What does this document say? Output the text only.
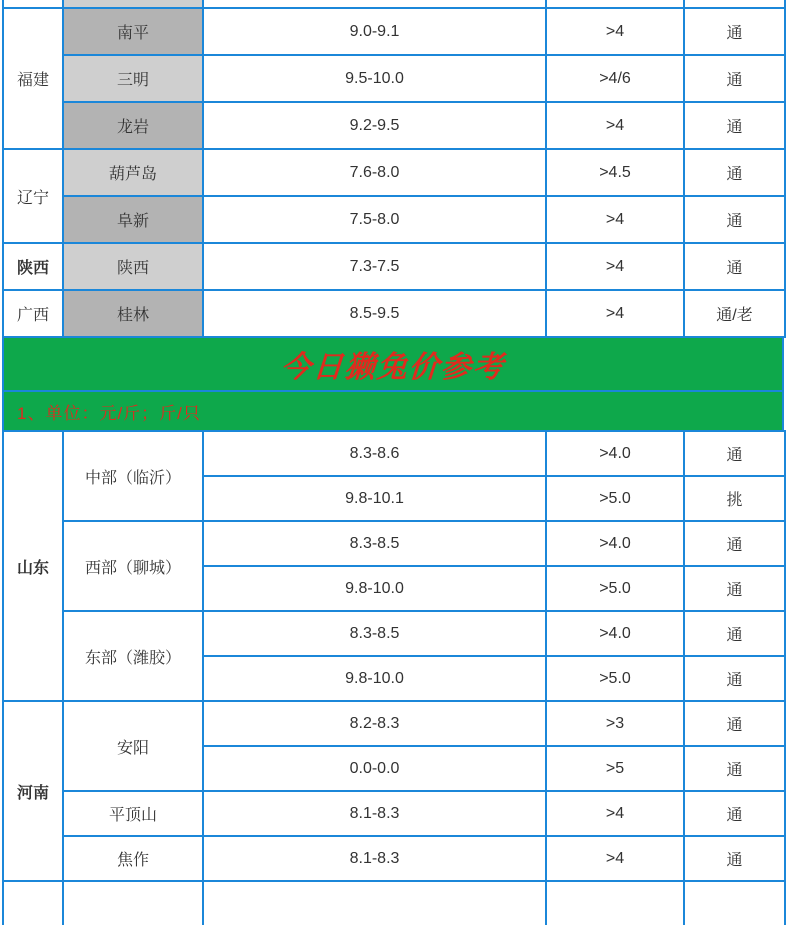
福建	南平	9.0-9.1	>4	通
	三明	9.5-10.0	>4/6	通
	龙岩	9.2-9.5	>4	通
辽宁	葫芦岛	7.6-8.0	>4.5	通
	阜新	7.5-8.0	>4	通
陕西	陕西	7.3-7.5	>4	通
广西	桂林	8.5-9.5	>4	通/老
今日獭兔价参考
1、单位：元/斤；斤/只
山东	中部（临沂）	8.3-8.6	>4.0	通
		9.8-10.1	>5.0	挑
	西部（聊城）	8.3-8.5	>4.0	通
		9.8-10.0	>5.0	通
	东部（潍胶）	8.3-8.5	>4.0	通
		9.8-10.0	>5.0	通
河南	安阳	8.2-8.3	>3	通
		0.0-0.0	>5	通
	平顶山	8.1-8.3	>4	通
	焦作	8.1-8.3	>4	通
